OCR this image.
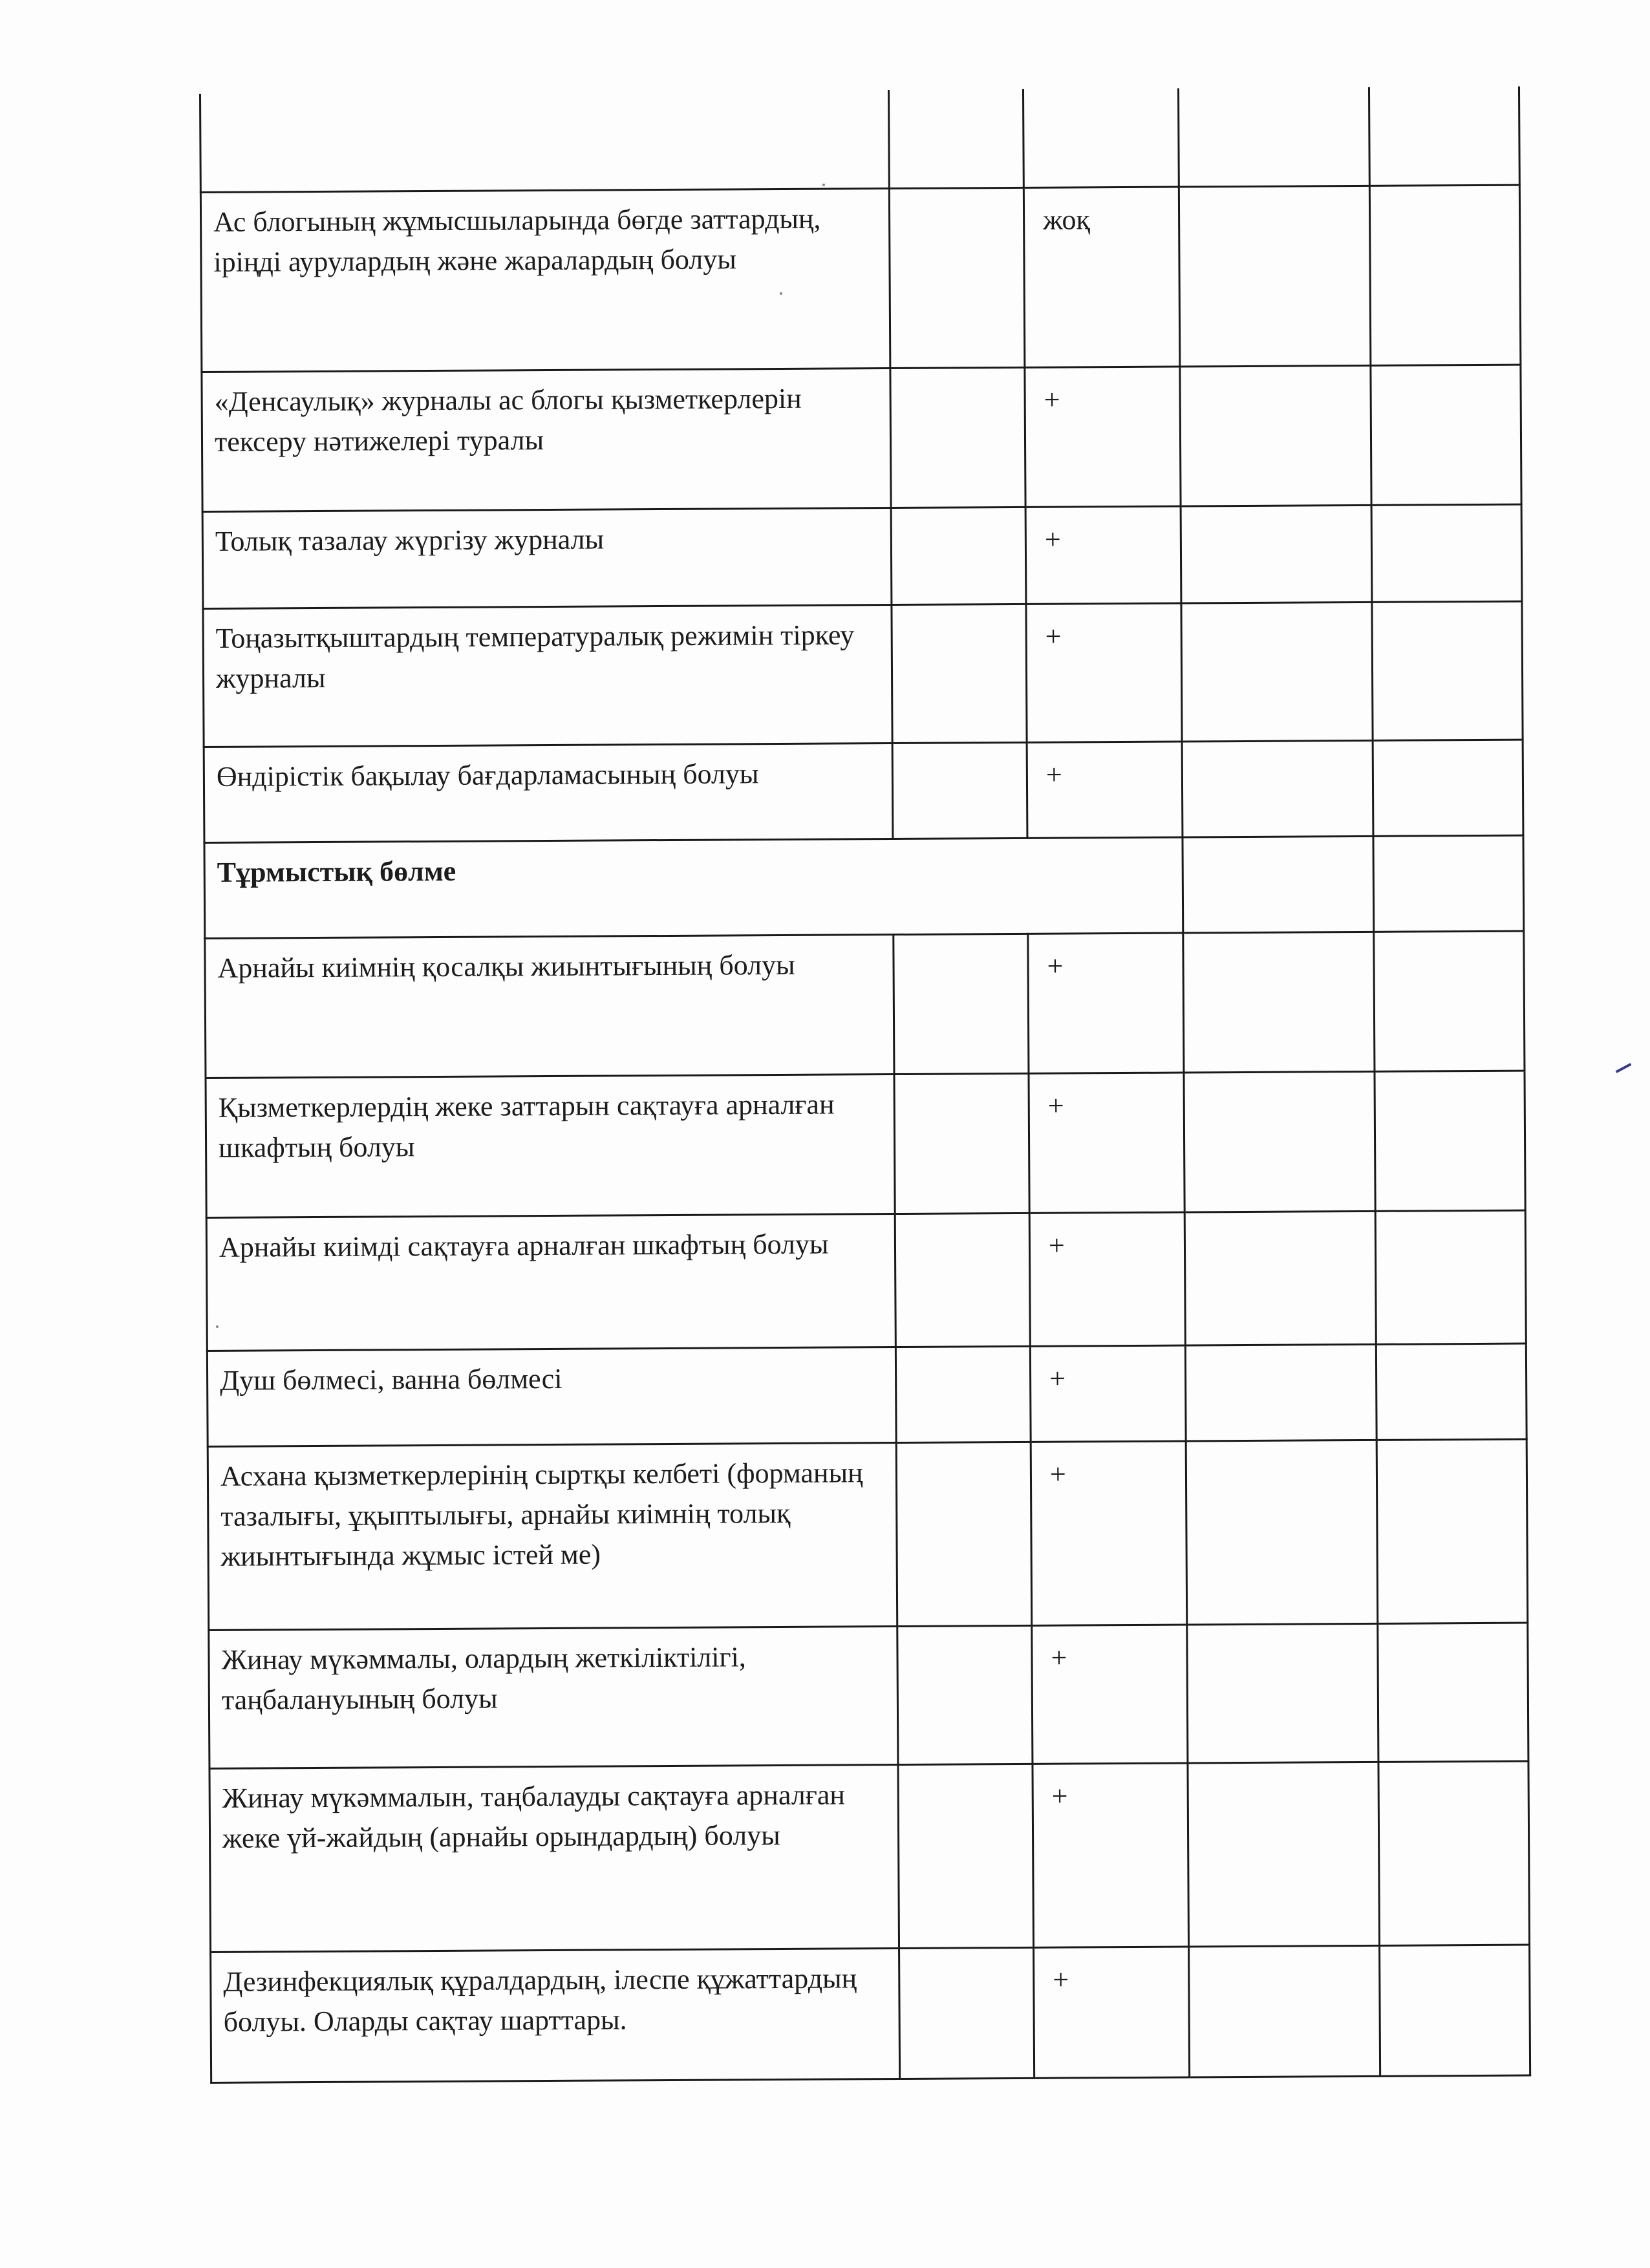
Ас блогының жұмысшыларында бөгде заттардың, іріңді аурулардың және жаралардың болуы		жоқ		
«Денсаулық» журналы ас блогы қызметкерлерін тексеру нәтижелері туралы		+		
Толық тазалау жүргізу журналы		+		
Тоңазытқыштардың температуралық режимін тіркеу журналы		+		
Өндірістік бақылау бағдарламасының болуы		+		
Тұрмыстық бөлме				
Арнайы киімнің қосалқы жиынтығының болуы		+		
Қызметкерлердің жеке заттарын сақтауға арналған шкафтың болуы		+		
Арнайы киімді сақтауға арналған шкафтың болуы		+		
Душ бөлмесі, ванна бөлмесі		+		
Асхана қызметкерлерінің сыртқы келбеті (форманың тазалығы, ұқыптылығы, арнайы киімнің толық жиынтығында жұмыс істей ме)		+		
Жинау мүкәммалы, олардың жеткіліктілігі, таңбалануының болуы		+		
Жинау мүкәммалын, таңбалауды сақтауға арналған жеке үй-жайдың (арнайы орындардың) болуы		+		
Дезинфекциялық құралдардың, ілеспе құжаттардың болуы. Оларды сақтау шарттары.		+		
